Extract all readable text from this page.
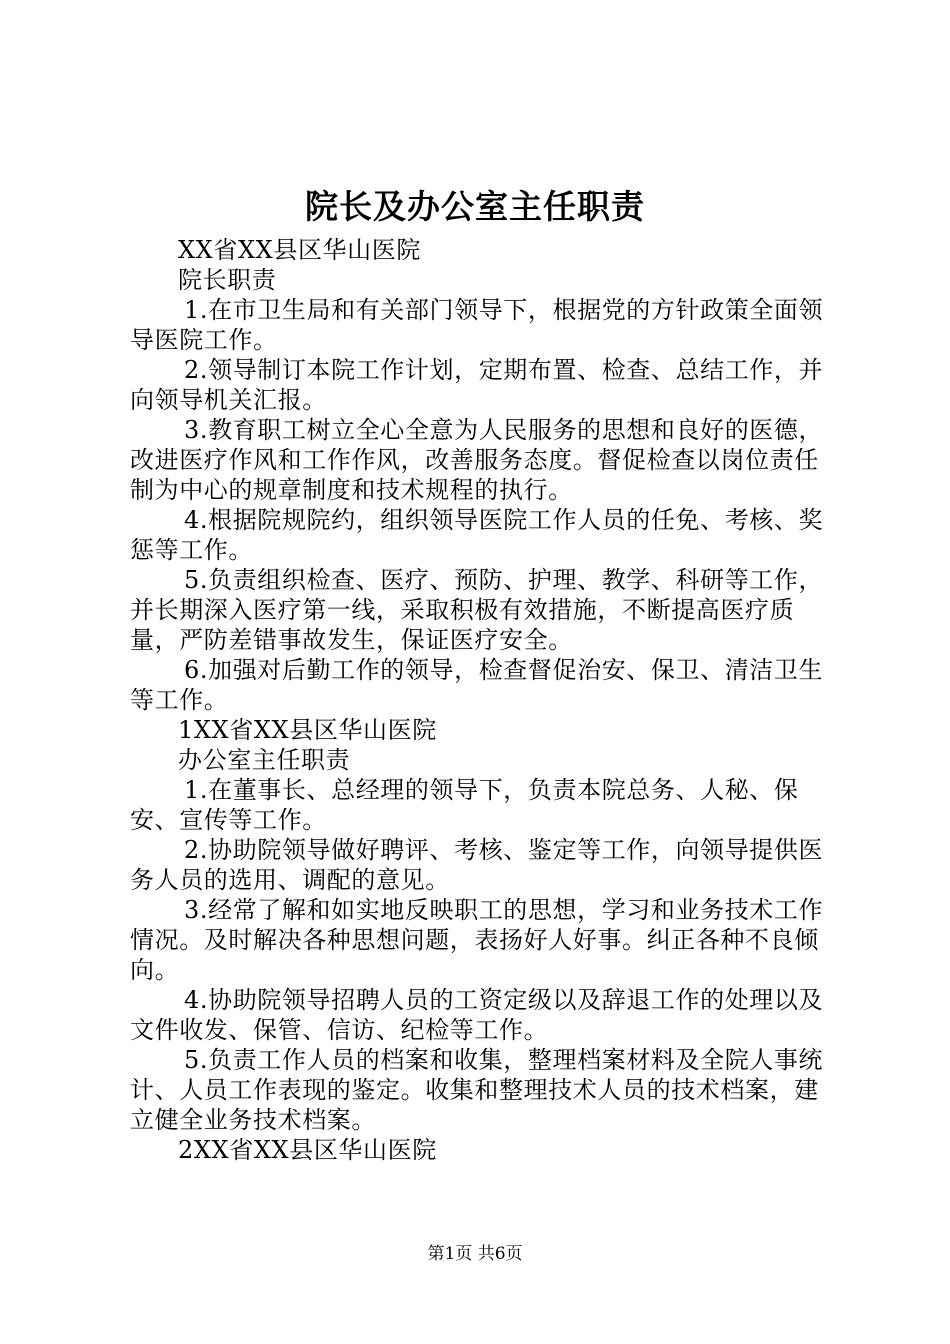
院长及办公室主任职责

XX省XX县区华山医院

院长职责

1.在市卫生局和有关部门领导下，根据党的方针政策全面领导医院工作。

2.领导制订本院工作计划，定期布置、检查、总结工作，并向领导机关汇报。

3.教育职工树立全心全意为人民服务的思想和良好的医德，改进医疗作风和工作作风，改善服务态度。督促检查以岗位责任制为中心的规章制度和技术规程的执行。

4.根据院规院约，组织领导医院工作人员的任免、考核、奖惩等工作。

5.负责组织检查、医疗、预防、护理、教学、科研等工作，并长期深入医疗第一线，采取积极有效措施，不断提高医疗质量，严防差错事故发生，保证医疗安全。

6.加强对后勤工作的领导，检查督促治安、保卫、清洁卫生等工作。

1XX省XX县区华山医院

办公室主任职责

1.在董事长、总经理的领导下，负责本院总务、人秘、保安、宣传等工作。

2.协助院领导做好聘评、考核、鉴定等工作，向领导提供医务人员的选用、调配的意见。

3.经常了解和如实地反映职工的思想，学习和业务技术工作情况。及时解决各种思想问题，表扬好人好事。纠正各种不良倾向。

4.协助院领导招聘人员的工资定级以及辞退工作的处理以及文件收发、保管、信访、纪检等工作。

5.负责工作人员的档案和收集，整理档案材料及全院人事统计、人员工作表现的鉴定。收集和整理技术人员的技术档案，建立健全业务技术档案。

2XX省XX县区华山医院

第1页 共6页
